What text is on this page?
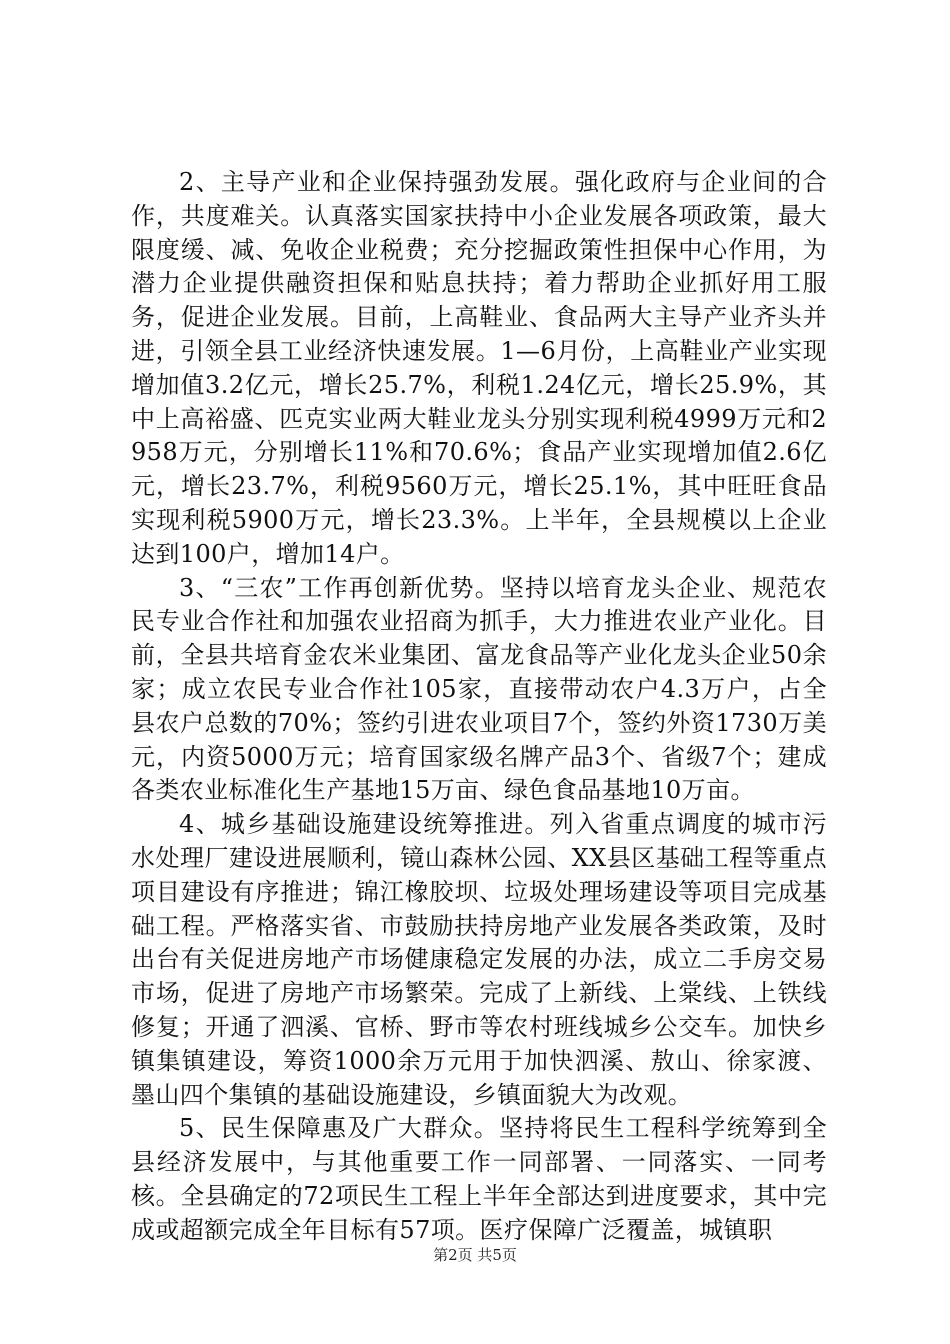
2、主导产业和企业保持强劲发展。强化政府与企业间的合作，共度难关。认真落实国家扶持中小企业发展各项政策，最大限度缓、减、免收企业税费；充分挖掘政策性担保中心作用，为潜力企业提供融资担保和贴息扶持；着力帮助企业抓好用工服务，促进企业发展。目前，上高鞋业、食品两大主导产业齐头并进，引领全县工业经济快速发展。1—6月份，上高鞋业产业实现增加值3.2亿元，增长25.7%，利税1.24亿元，增长25.9%，其中上高裕盛、匹克实业两大鞋业龙头分别实现利税4999万元和2958万元，分别增长11%和70.6%；食品产业实现增加值2.6亿元，增长23.7%，利税9560万元，增长25.1%，其中旺旺食品实现利税5900万元，增长23.3%。上半年，全县规模以上企业达到100户，增加14户。

3、“三农”工作再创新优势。坚持以培育龙头企业、规范农民专业合作社和加强农业招商为抓手，大力推进农业产业化。目前，全县共培育金农米业集团、富龙食品等产业化龙头企业50余家；成立农民专业合作社105家，直接带动农户4.3万户，占全县农户总数的70%；签约引进农业项目7个，签约外资1730万美元，内资5000万元；培育国家级名牌产品3个、省级7个；建成各类农业标准化生产基地15万亩、绿色食品基地10万亩。

4、城乡基础设施建设统筹推进。列入省重点调度的城市污水处理厂建设进展顺利，镜山森林公园、XX县区基础工程等重点项目建设有序推进；锦江橡胶坝、垃圾处理场建设等项目完成基础工程。严格落实省、市鼓励扶持房地产业发展各类政策，及时出台有关促进房地产市场健康稳定发展的办法，成立二手房交易市场，促进了房地产市场繁荣。完成了上新线、上棠线、上铁线修复；开通了泗溪、官桥、野市等农村班线城乡公交车。加快乡镇集镇建设，筹资1000余万元用于加快泗溪、敖山、徐家渡、墨山四个集镇的基础设施建设，乡镇面貌大为改观。

5、民生保障惠及广大群众。坚持将民生工程科学统筹到全县经济发展中，与其他重要工作一同部署、一同落实、一同考核。全县确定的72项民生工程上半年全部达到进度要求，其中完成或超额完成全年目标有57项。医疗保障广泛覆盖，城镇职

第2页 共5页
